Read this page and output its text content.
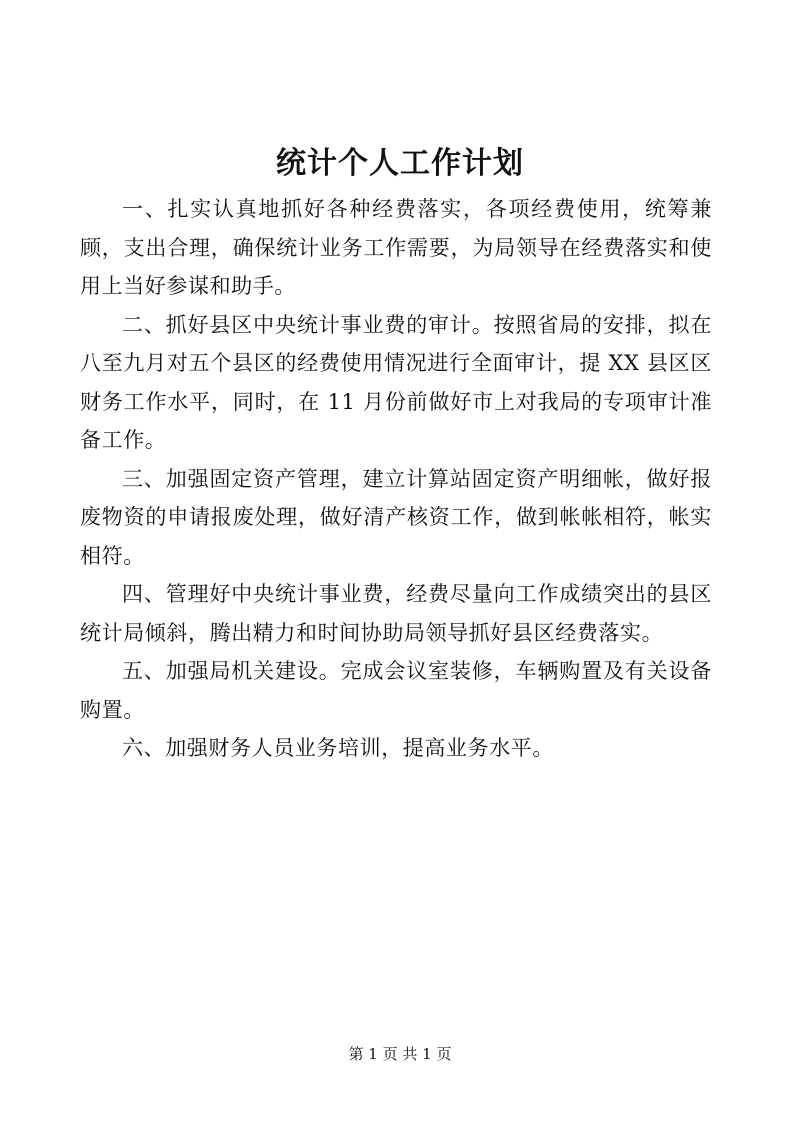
统计个人工作计划

一、扎实认真地抓好各种经费落实，各项经费使用，统筹兼顾，支出合理，确保统计业务工作需要，为局领导在经费落实和使用上当好参谋和助手。

二、抓好县区中央统计事业费的审计。按照省局的安排，拟在八至九月对五个县区的经费使用情况进行全面审计，提 XX 县区区财务工作水平，同时，在 11 月份前做好市上对我局的专项审计准备工作。

三、加强固定资产管理，建立计算站固定资产明细帐，做好报废物资的申请报废处理，做好清产核资工作，做到帐帐相符，帐实相符。

四、管理好中央统计事业费，经费尽量向工作成绩突出的县区统计局倾斜，腾出精力和时间协助局领导抓好县区经费落实。

五、加强局机关建设。完成会议室装修，车辆购置及有关设备购置。

六、加强财务人员业务培训，提高业务水平。

第 1 页 共 1 页
